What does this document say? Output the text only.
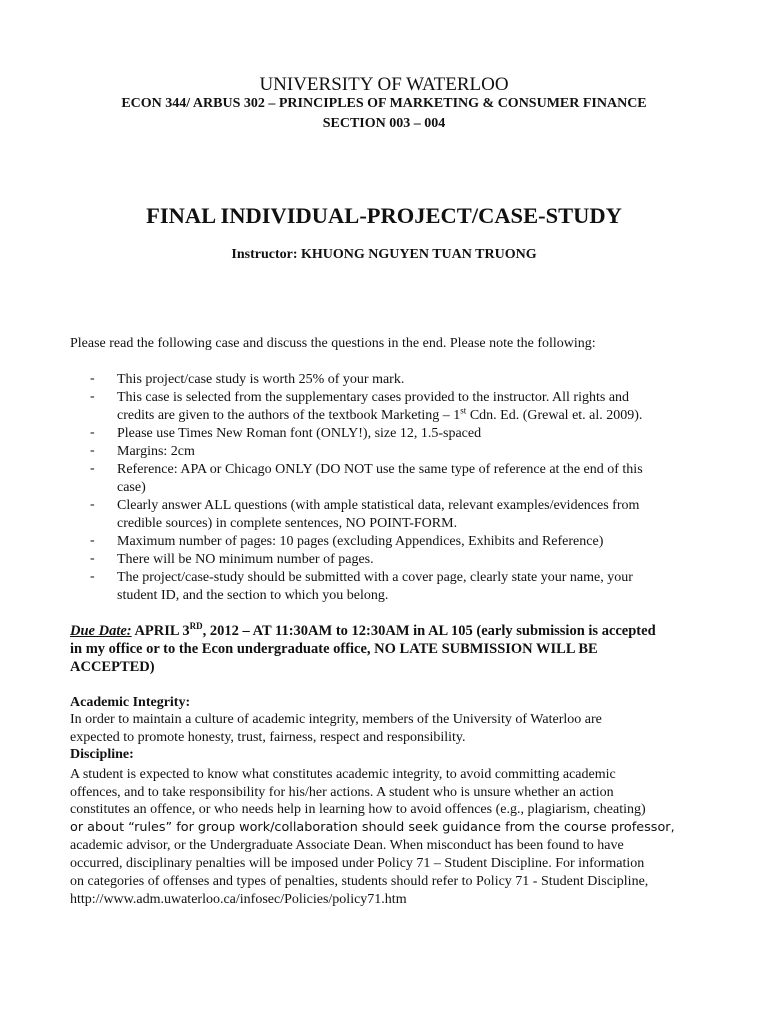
UNIVERSITY OF WATERLOO
ECON 344/ ARBUS 302 – PRINCIPLES OF MARKETING & CONSUMER FINANCE
SECTION 003 – 004
FINAL INDIVIDUAL-PROJECT/CASE-STUDY
Instructor: KHUONG NGUYEN TUAN TRUONG
Please read the following case and discuss the questions in the end. Please note the following:
- This project/case study is worth 25% of your mark.
- This case is selected from the supplementary cases provided to the instructor. All rights and
credits are given to the authors of the textbook Marketing – 1st Cdn. Ed. (Grewal et. al. 2009).
- Please use Times New Roman font (ONLY!), size 12, 1.5-spaced
- Margins: 2cm
- Reference: APA or Chicago ONLY (DO NOT use the same type of reference at the end of this
case)
- Clearly answer ALL questions (with ample statistical data, relevant examples/evidences from
credible sources) in complete sentences, NO POINT-FORM.
- Maximum number of pages: 10 pages (excluding Appendices, Exhibits and Reference)
- There will be NO minimum number of pages.
- The project/case-study should be submitted with a cover page, clearly state your name, your
student ID, and the section to which you belong.
Due Date: APRIL 3RD, 2012 – AT 11:30AM to 12:30AM in AL 105 (early submission is accepted
in my office or to the Econ undergraduate office, NO LATE SUBMISSION WILL BE
ACCEPTED)
Academic Integrity:
In order to maintain a culture of academic integrity, members of the University of Waterloo are
expected to promote honesty, trust, fairness, respect and responsibility.
Discipline:
A student is expected to know what constitutes academic integrity, to avoid committing academic
offences, and to take responsibility for his/her actions. A student who is unsure whether an action
constitutes an offence, or who needs help in learning how to avoid offences (e.g., plagiarism, cheating)
or about “rules” for group work/collaboration should seek guidance from the course professor,
academic advisor, or the Undergraduate Associate Dean. When misconduct has been found to have
occurred, disciplinary penalties will be imposed under Policy 71 – Student Discipline. For information
on categories of offenses and types of penalties, students should refer to Policy 71 - Student Discipline,
http://www.adm.uwaterloo.ca/infosec/Policies/policy71.htm
